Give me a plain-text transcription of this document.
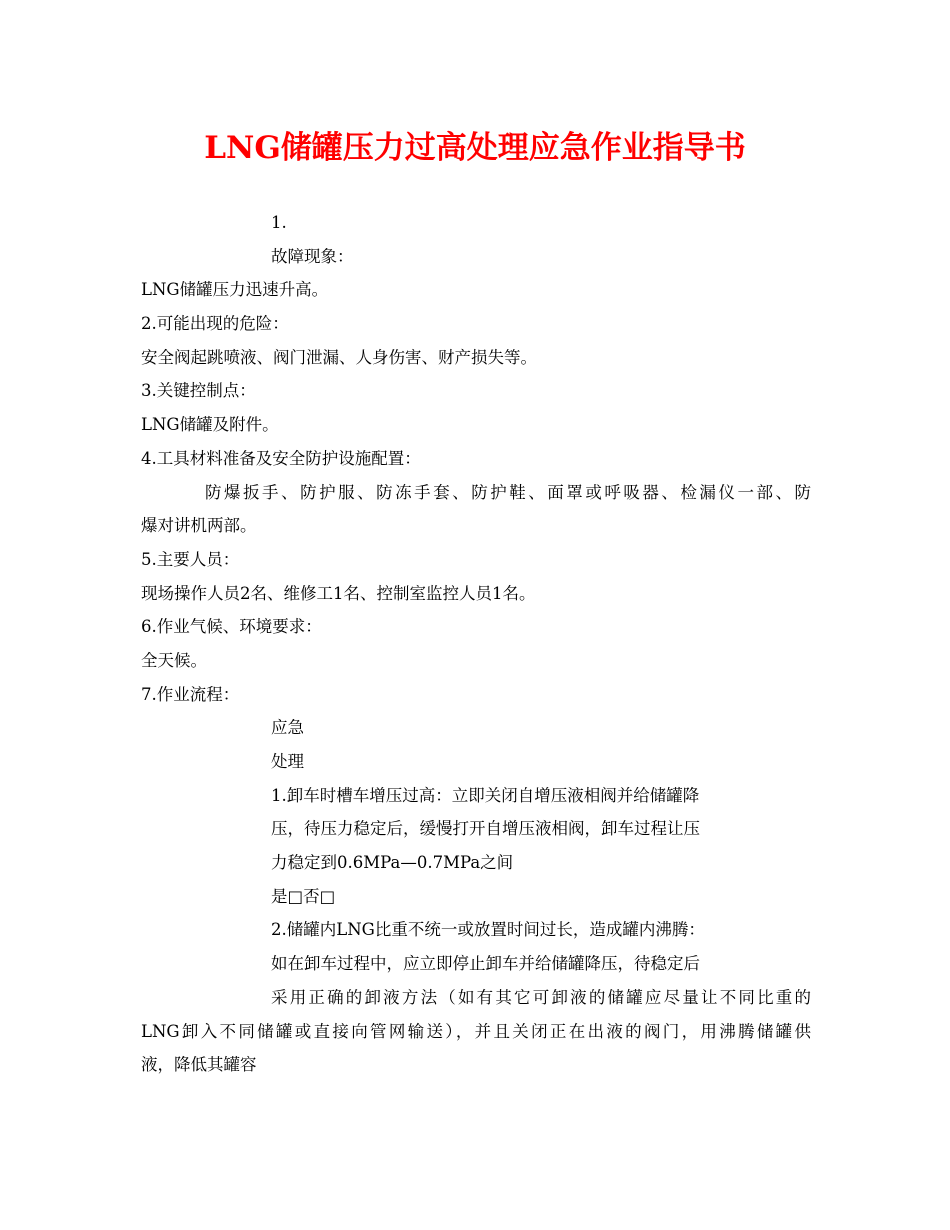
LNG储罐压力过高处理应急作业指导书
1.
故障现象：
LNG储罐压力迅速升高。
2.可能出现的危险：
安全阀起跳喷液、阀门泄漏、人身伤害、财产损失等。
3.关键控制点：
LNG储罐及附件。
4.工具材料准备及安全防护设施配置：
防爆扳手、防护服、防冻手套、防护鞋、面罩或呼吸器、检漏仪一部、防
爆对讲机两部。
5.主要人员：
现场操作人员2名、维修工1名、控制室监控人员1名。
6.作业气候、环境要求：
全天候。
7.作业流程：
应急
处理
1.卸车时槽车增压过高：立即关闭自增压液相阀并给储罐降
压，待压力稳定后，缓慢打开自增压液相阀，卸车过程让压
力稳定到0.6MPa—0.7MPa之间
是□否□
2.储罐内LNG比重不统一或放置时间过长，造成罐内沸腾：
如在卸车过程中，应立即停止卸车并给储罐降压，待稳定后
采用正确的卸液方法（如有其它可卸液的储罐应尽量让不同比重的
LNG卸入不同储罐或直接向管网输送），并且关闭正在出液的阀门，用沸腾储罐供
液，降低其罐容
